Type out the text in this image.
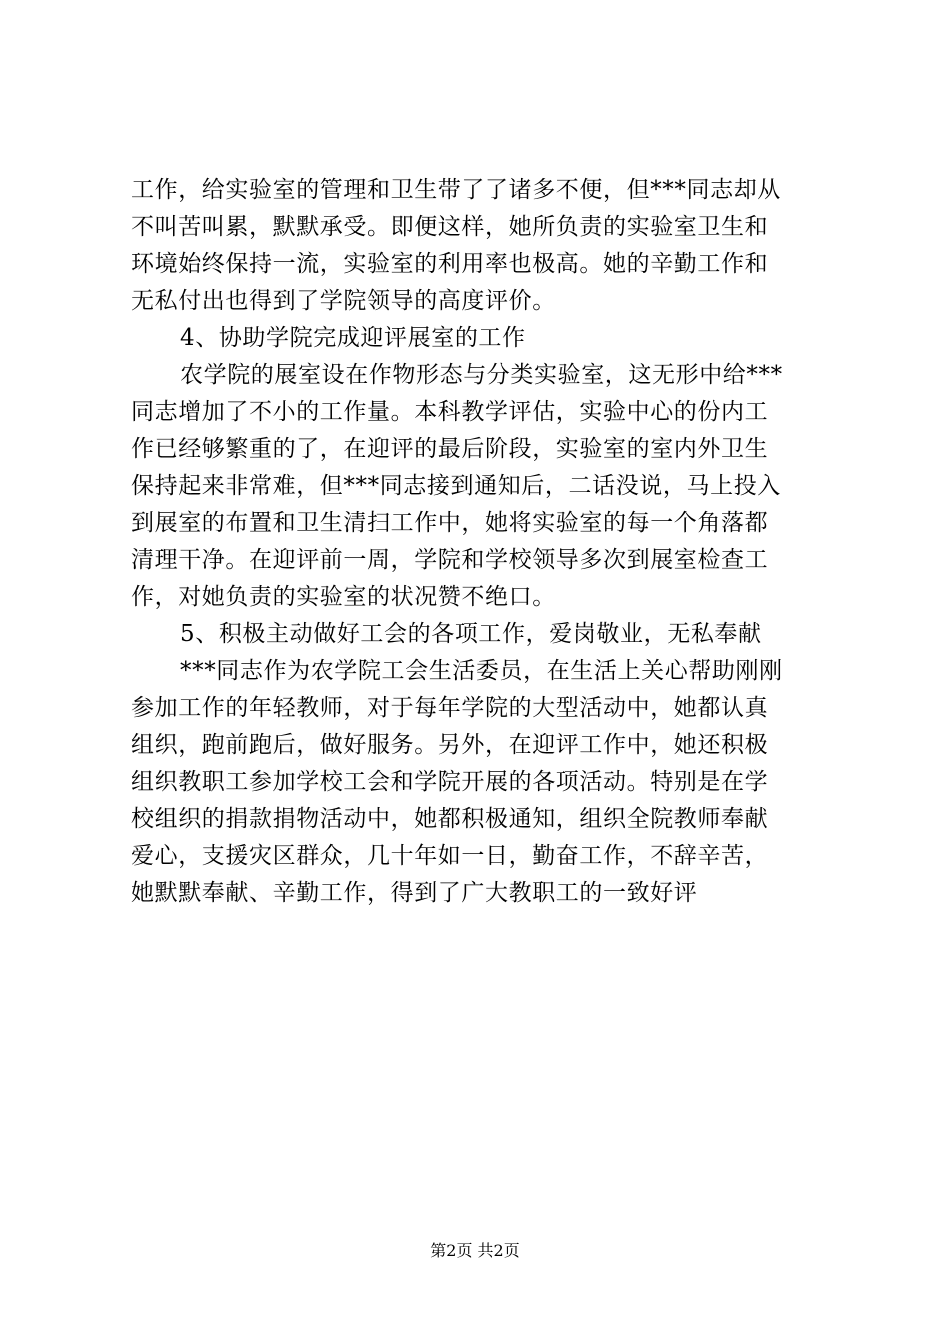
工作，给实验室的管理和卫生带了了诸多不便，但***同志却从
不叫苦叫累，默默承受。即便这样，她所负责的实验室卫生和
环境始终保持一流，实验室的利用率也极高。她的辛勤工作和
无私付出也得到了学院领导的高度评价。
4、协助学院完成迎评展室的工作
农学院的展室设在作物形态与分类实验室，这无形中给***
同志增加了不小的工作量。本科教学评估，实验中心的份内工
作已经够繁重的了，在迎评的最后阶段，实验室的室内外卫生
保持起来非常难，但***同志接到通知后，二话没说，马上投入
到展室的布置和卫生清扫工作中，她将实验室的每一个角落都
清理干净。在迎评前一周，学院和学校领导多次到展室检查工
作，对她负责的实验室的状况赞不绝口。
5、积极主动做好工会的各项工作，爱岗敬业，无私奉献
***同志作为农学院工会生活委员，在生活上关心帮助刚刚
参加工作的年轻教师，对于每年学院的大型活动中，她都认真
组织，跑前跑后，做好服务。另外，在迎评工作中，她还积极
组织教职工参加学校工会和学院开展的各项活动。特别是在学
校组织的捐款捐物活动中，她都积极通知，组织全院教师奉献
爱心，支援灾区群众，几十年如一日，勤奋工作，不辞辛苦，
她默默奉献、辛勤工作，得到了广大教职工的一致好评
第2页 共2页
